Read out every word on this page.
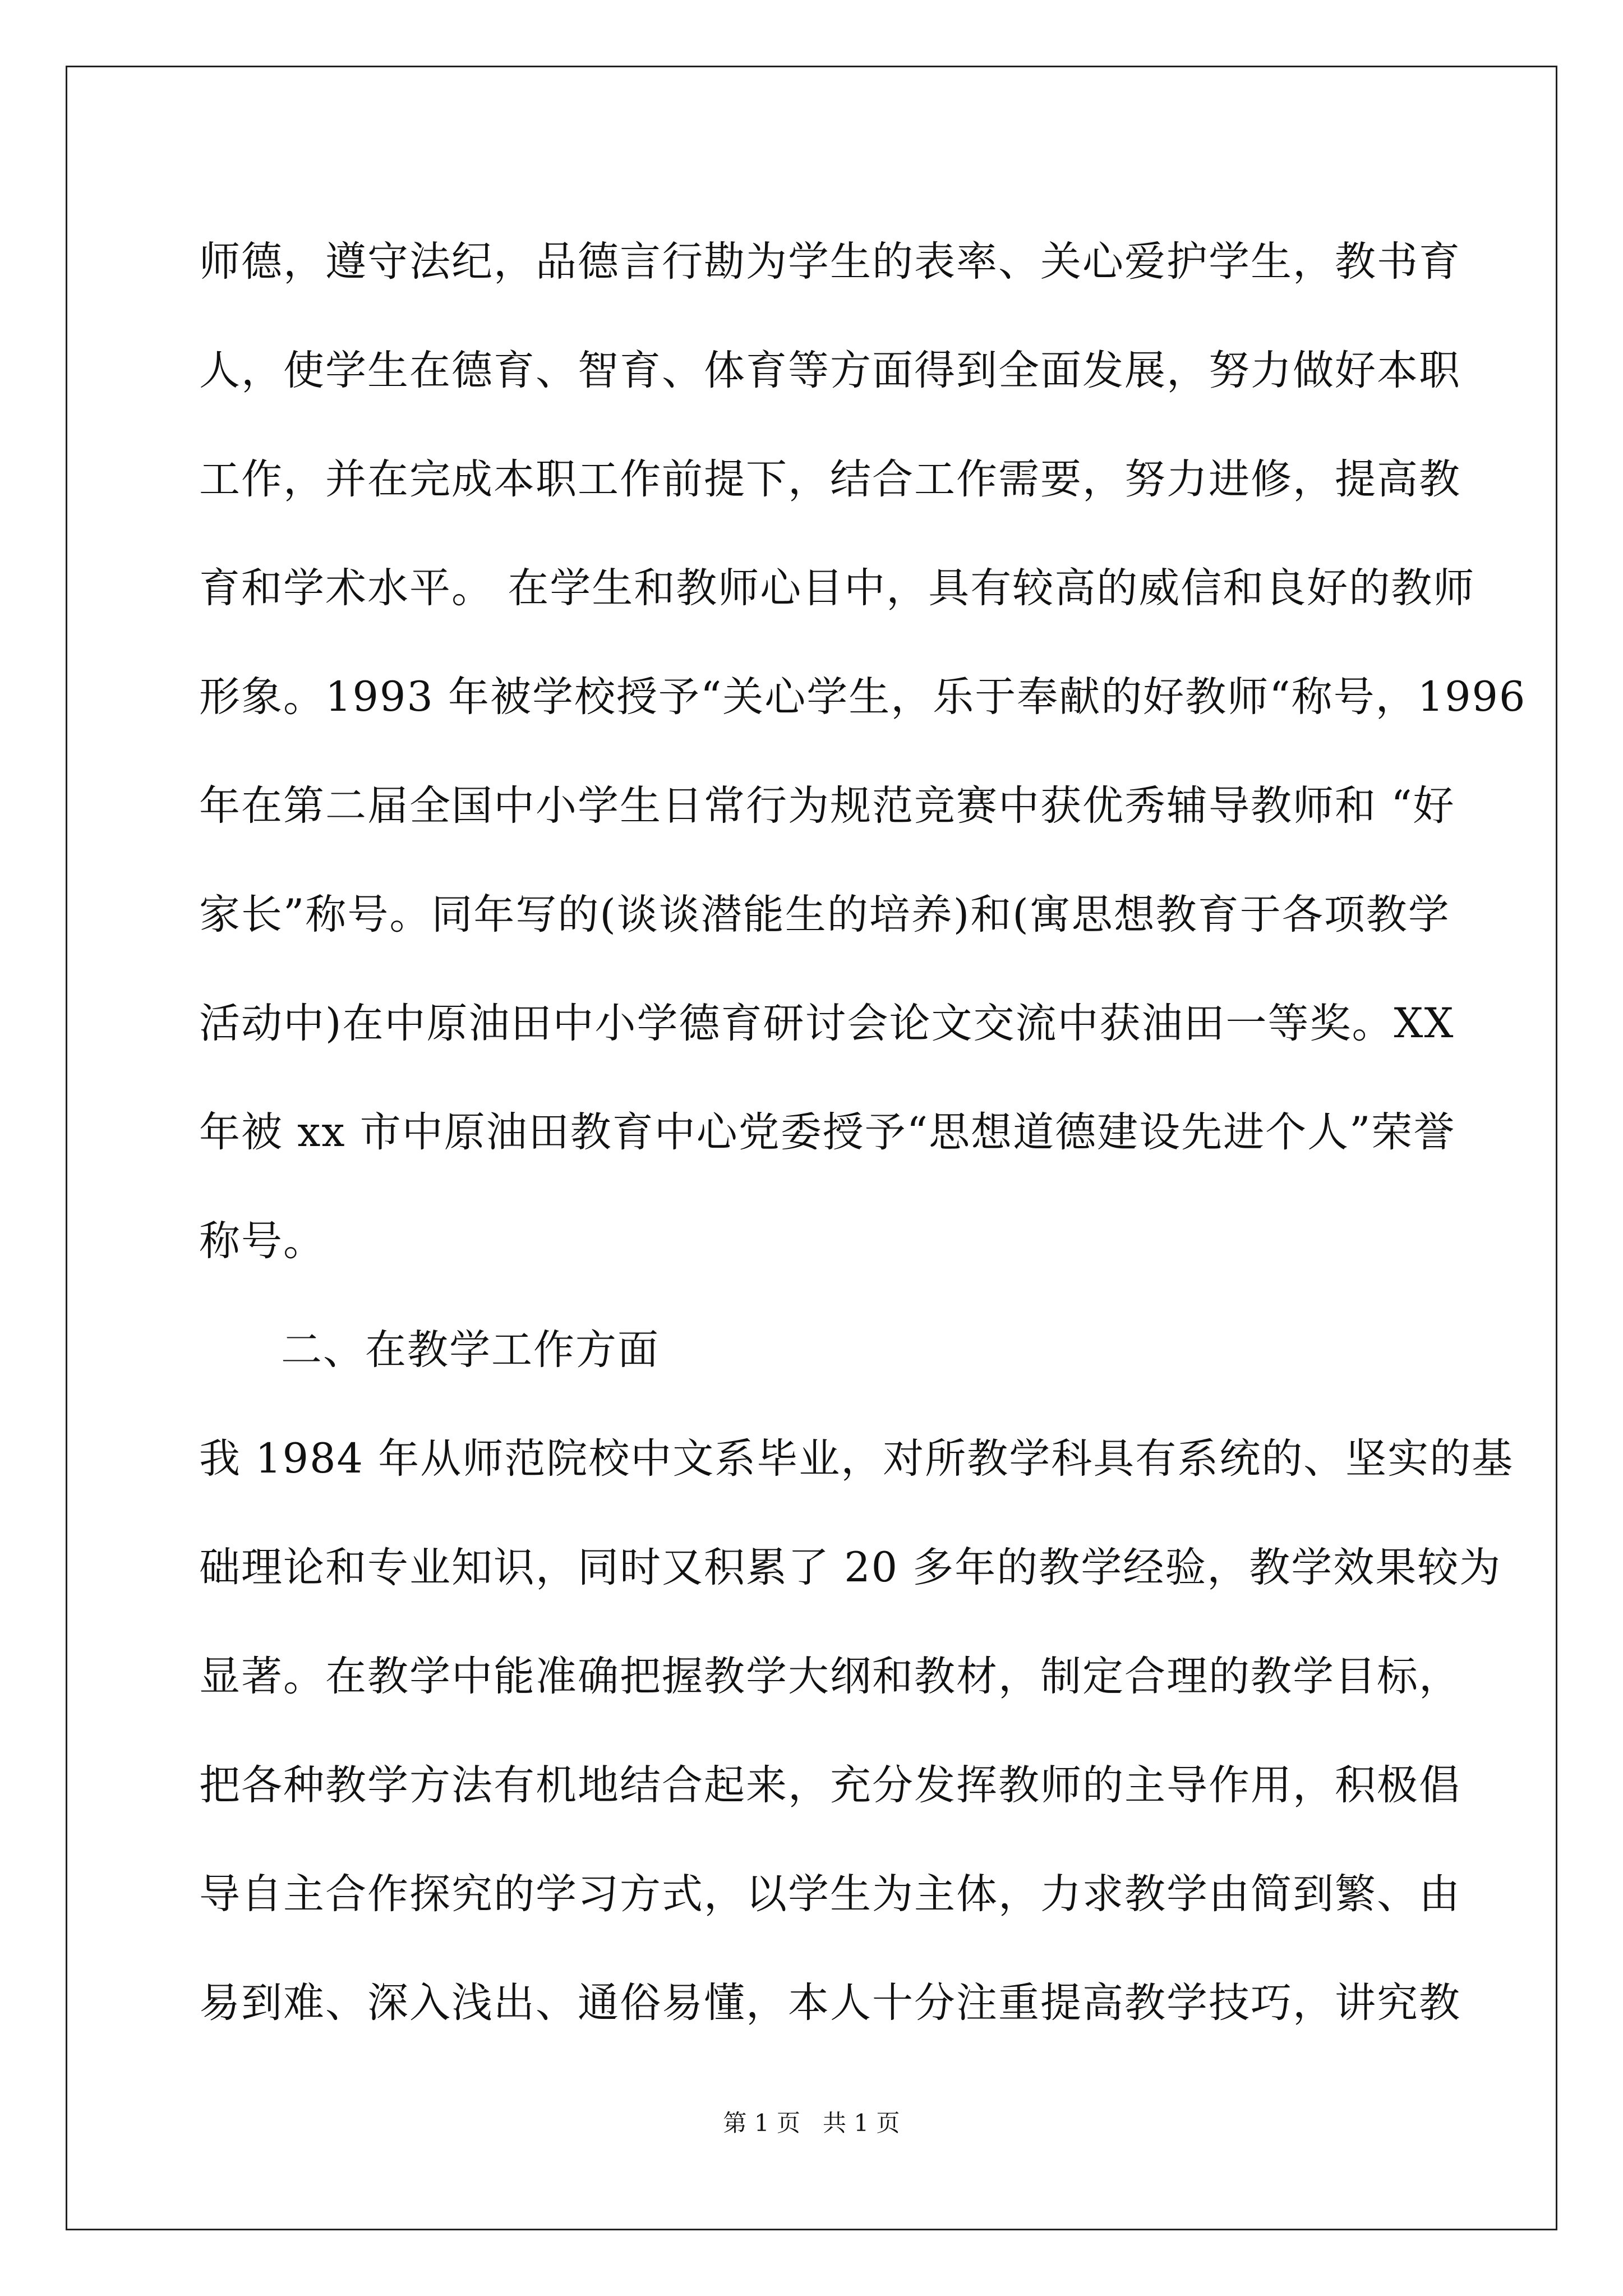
师德，遵守法纪，品德言行勘为学生的表率、关心爱护学生，教书育
人，使学生在德育、智育、体育等方面得到全面发展，努力做好本职
工作，并在完成本职工作前提下，结合工作需要，努力进修，提高教
育和学术水平。 在学生和教师心目中，具有较高的威信和良好的教师
形象。1993 年被学校授予“关心学生，乐于奉献的好教师“称号，1996
年在第二届全国中小学生日常行为规范竞赛中获优秀辅导教师和 “好
家长”称号。同年写的(谈谈潜能生的培养)和(寓思想教育于各项教学
活动中)在中原油田中小学德育研讨会论文交流中获油田一等奖。XX
年被 xx 市中原油田教育中心党委授予“思想道德建设先进个人”荣誉
称号。
二、在教学工作方面
我 1984 年从师范院校中文系毕业，对所教学科具有系统的、坚实的基
础理论和专业知识，同时又积累了 20 多年的教学经验，教学效果较为
显著。在教学中能准确把握教学大纲和教材，制定合理的教学目标，
把各种教学方法有机地结合起来，充分发挥教师的主导作用，积极倡
导自主合作探究的学习方式，以学生为主体，力求教学由简到繁、由
易到难、深入浅出、通俗易懂，本人十分注重提高教学技巧，讲究教
第 1 页   共 1 页
